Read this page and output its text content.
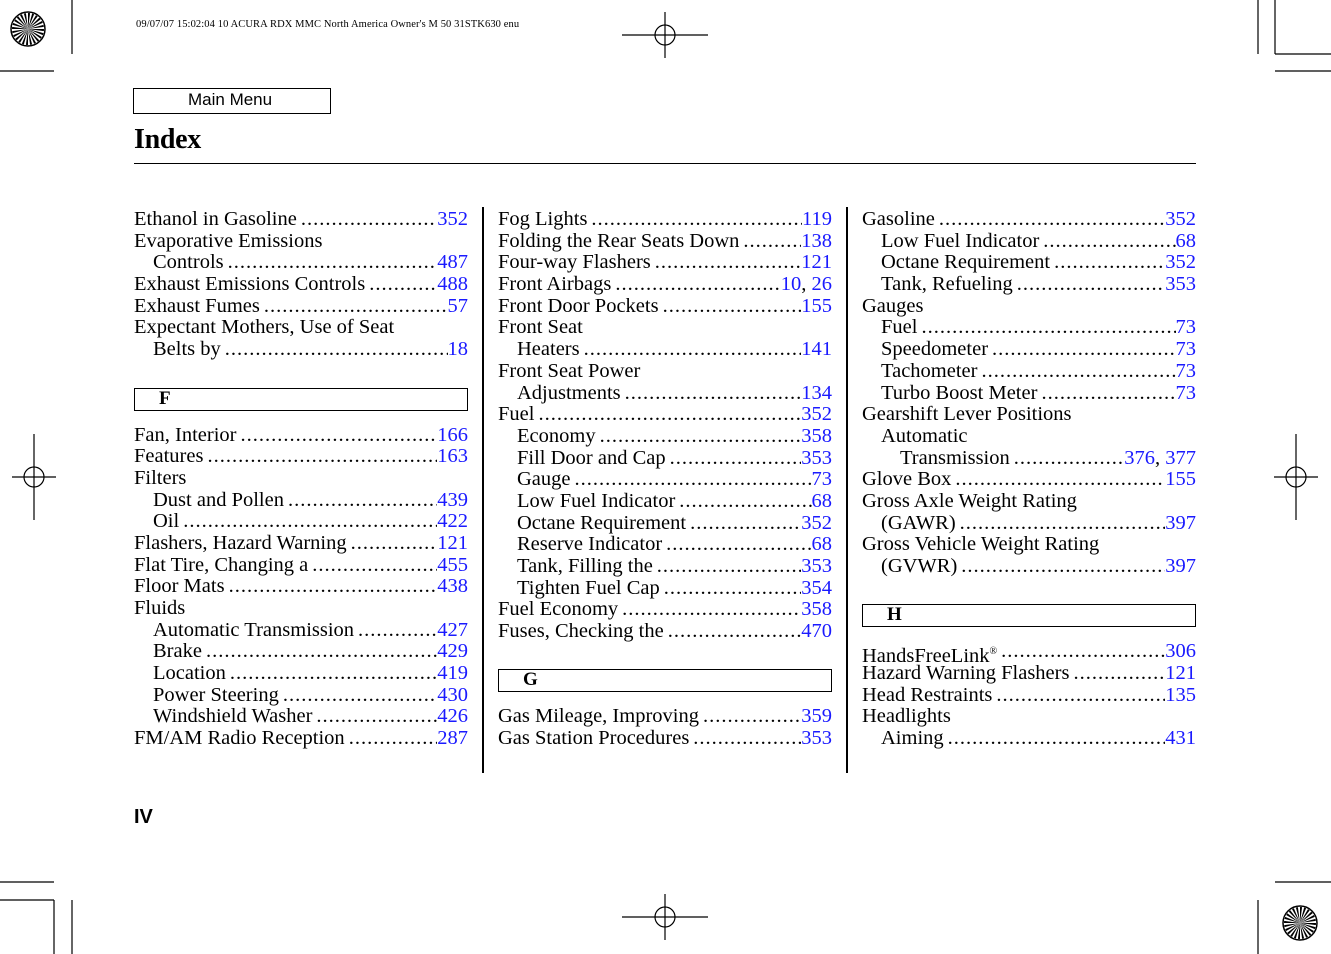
09/07/07 15:02:04 10 ACURA RDX MMC North America Owner's M 50 31STK630 enu
Main Menu
Index
Ethanol in Gasoline .....	352
Evaporative Emissions
Controls .....	487
Exhaust Emissions Controls .....	488
Exhaust Fumes .....	57
Expectant Mothers, Use of Seat
Belts by .....	18
F
Fan, Interior .....	166
Features .....	163
Filters
Dust and Pollen .....	439
Oil .....	422
Flashers, Hazard Warning .....	121
Flat Tire, Changing a .....	455
Floor Mats .....	438
Fluids
Automatic Transmission .....	427
Brake .....	429
Location .....	419
Power Steering .....	430
Windshield Washer .....	426
FM/AM Radio Reception .....	287
Fog Lights .....	119
Folding the Rear Seats Down .....	138
Four-way Flashers .....	121
Front Airbags .....	10, 26
Front Door Pockets .....	155
Front Seat
Heaters .....	141
Front Seat Power
Adjustments .....	134
Fuel .....	352
Economy .....	358
Fill Door and Cap .....	353
Gauge .....	73
Low Fuel Indicator .....	68
Octane Requirement .....	352
Reserve Indicator .....	68
Tank, Filling the .....	353
Tighten Fuel Cap .....	354
Fuel Economy .....	358
Fuses, Checking the .....	470
G
Gas Mileage, Improving .....	359
Gas Station Procedures .....	353
Gasoline .....	352
Low Fuel Indicator .....	68
Octane Requirement .....	352
Tank, Refueling .....	353
Gauges
Fuel .....	73
Speedometer .....	73
Tachometer .....	73
Turbo Boost Meter .....	73
Gearshift Lever Positions
Automatic
Transmission .....	376, 377
Glove Box .....	155
Gross Axle Weight Rating
(GAWR) .....	397
Gross Vehicle Weight Rating
(GVWR) .....	397
H
HandsFreeLink® .....	306
Hazard Warning Flashers .....	121
Head Restraints .....	135
Headlights
Aiming .....	431
IV
